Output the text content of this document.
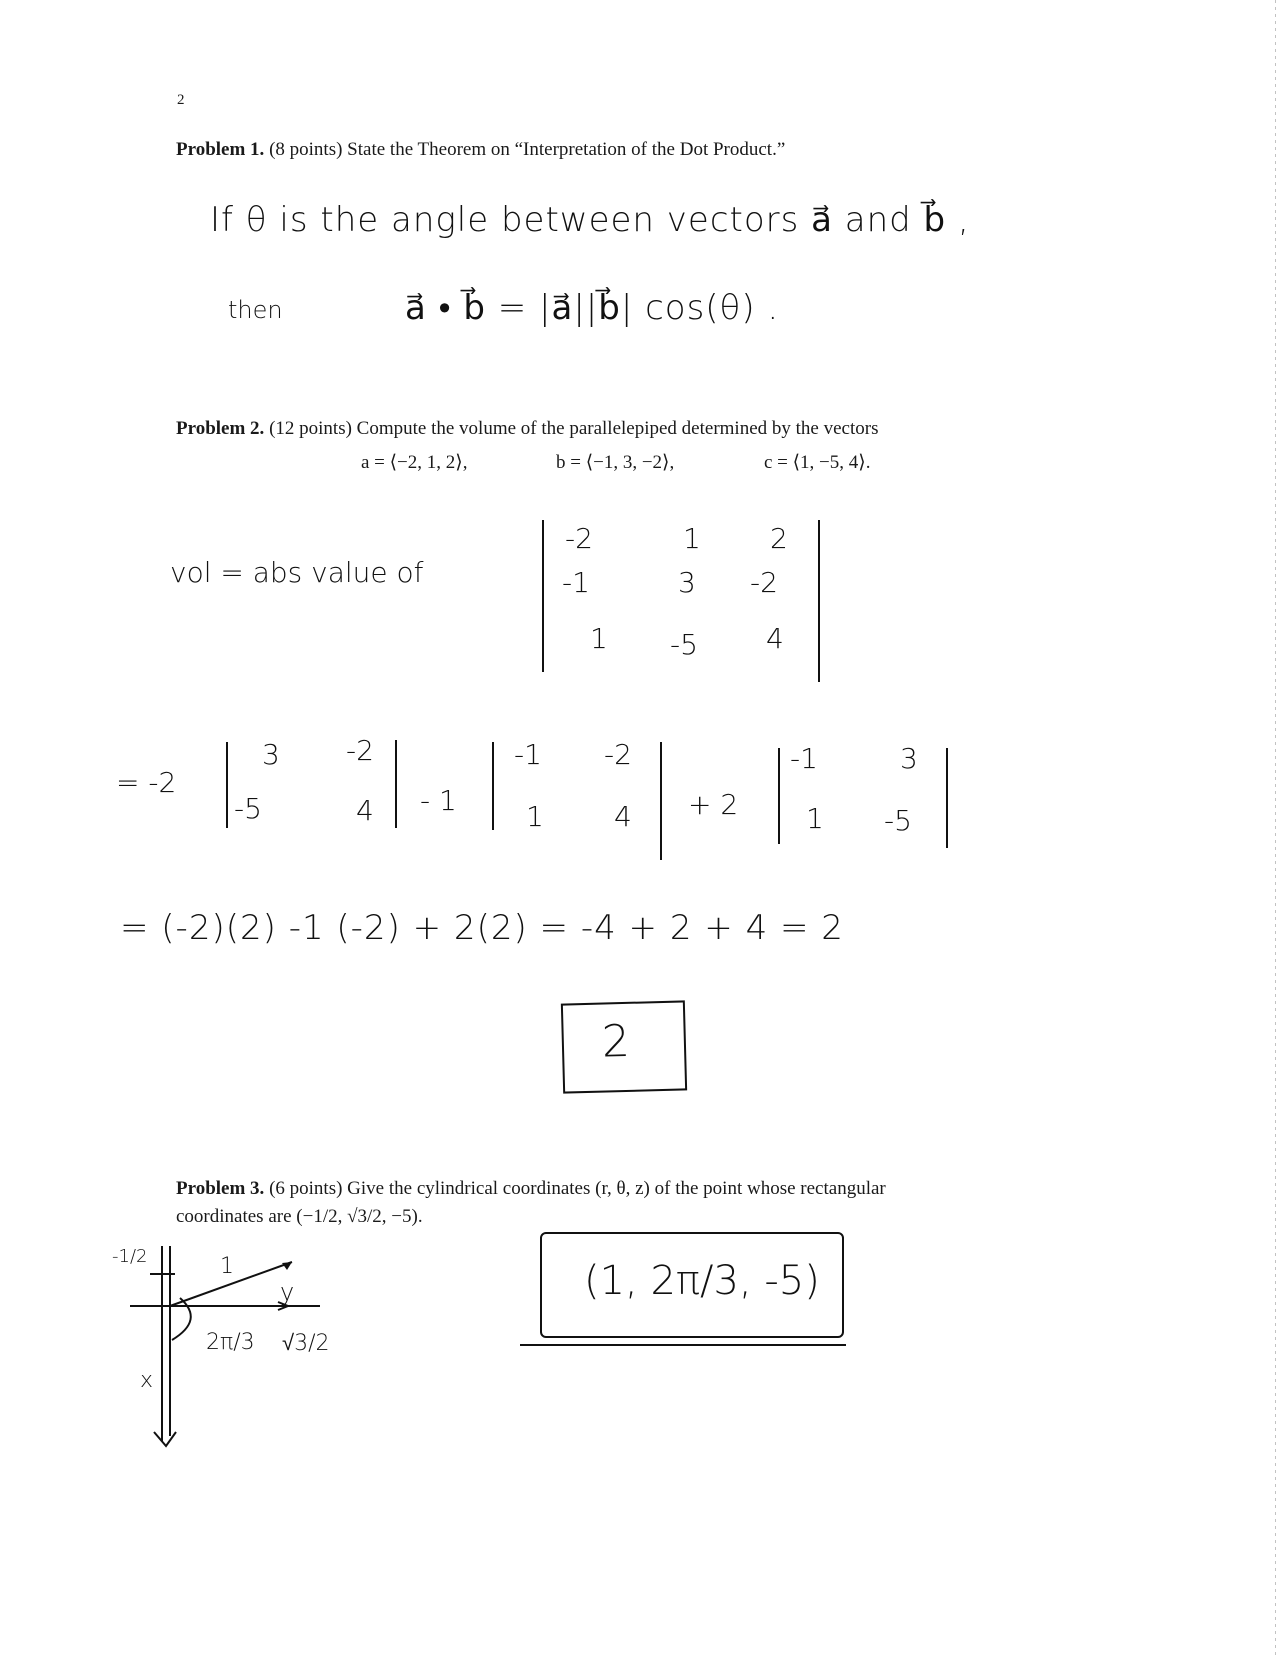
2
Problem 1. (8 points) State the Theorem on “Interpretation of the Dot Product.”
If θ is the angle between vectors a⃗ and b⃗ ,
then	a⃗ • b⃗ = |a⃗||b⃗| cos(θ) .
Problem 2. (12 points) Compute the volume of the parallelepiped determined by the vectors
a = ⟨−2, 1, 2⟩,	b = ⟨−1, 3, −2⟩,	c = ⟨1, −5, 4⟩.
vol = abs value of
-2	1 2
-1	3 -2
1 -5 4
= -2
3 -2
-5	4 - 1
-1 -2
1	4 + 2
-1	3
1 -5
= (-2)(2) -1 (-2) + 2(2) = -4 + 2 + 4 = 2
2
Problem 3. (6 points) Give the cylindrical coordinates (r, θ, z) of the point whose rectangular
coordinates are (−1/2, √3/2, −5).
-1/2	1
y
x
2π/3 √3/2
(1, 2π/3, -5)
